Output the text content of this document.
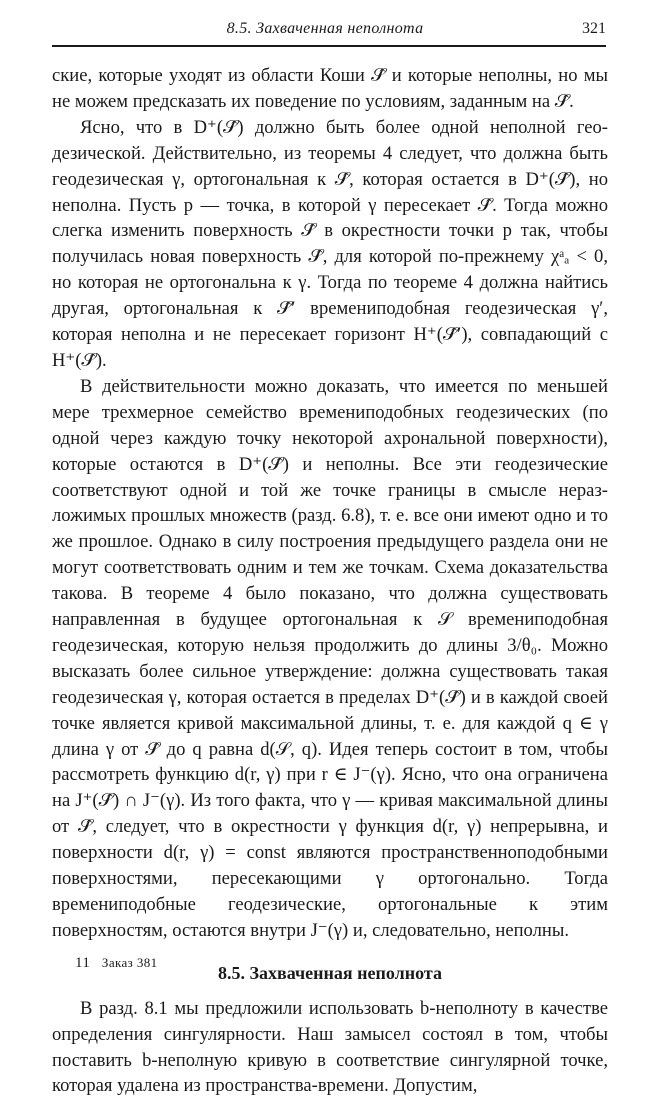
8.5. Захваченная неполнота	321

ские, которые уходят из области Коши 𝒮̂ и которые неполны, но мы не можем предсказать их поведение по условиям, заданным на 𝒮̂.

Ясно, что в D⁺(𝒮̂) должно быть более одной неполной геодезической. Действительно, из теоремы 4 следует, что должна быть геодезическая γ, ортогональная к 𝒮̂, которая остается в D⁺(𝒮̂), но неполна. Пусть p — точка, в которой γ пересекает 𝒮̂. Тогда можно слегка изменить поверхность 𝒮̂ в окрестности точки p так, чтобы получилась новая поверхность 𝒮̂, для которой по-прежнему χᵃₐ < 0, но которая не ортогональна к γ. Тогда по теореме 4 должна найтись другая, ортогональная к 𝒮̂′ времениподобная геодезическая γ′, которая неполна и не пересекает горизонт H⁺(𝒮̂′), совпадающий с H⁺(𝒮̂).

В действительности можно доказать, что имеется по меньшей мере трехмерное семейство времениподобных геодезических (по одной через каждую точку некоторой ахрональной поверхности), которые остаются в D⁺(𝒮̂) и неполны. Все эти геодезические соответствуют одной и той же точке границы в смысле неразложимых прошлых множеств (разд. 6.8), т. е. все они имеют одно и то же прошлое. Однако в силу построения предыдущего раздела они не могут соответствовать одним и тем же точкам. Схема доказательства такова. В теореме 4 было показано, что должна существовать направленная в будущее ортогональная к 𝒮 времениподобная геодезическая, которую нельзя продолжить до длины 3/θ₀. Можно высказать более сильное утверждение: должна существовать такая геодезическая γ, которая остается в пределах D⁺(𝒮̂) и в каждой своей точке является кривой максимальной длины, т. е. для каждой q ∈ γ длина γ от 𝒮̂ до q равна d(𝒮, q). Идея теперь состоит в том, чтобы рассмотреть функцию d(r, γ) при r ∈ J⁻(γ). Ясно, что она ограничена на J⁺(𝒮̂) ∩ J⁻(γ). Из того факта, что γ — кривая максимальной длины от 𝒮̂, следует, что в окрестности γ функция d(r, γ) непрерывна, и поверхности d(r, γ) = const являются пространственноподобными поверхностями, пересекающими γ ортогонально. Тогда времениподобные геодезические, ортогональные к этим поверхностям, остаются внутри J⁻(γ) и, следовательно, неполны.

8.5. Захваченная неполнота

В разд. 8.1 мы предложили использовать b-неполноту в качестве определения сингулярности. Наш замысел состоял в том, чтобы поставить b-неполную кривую в соответствие сингулярной точке, которая удалена из пространства-времени. Допустим,

11 Заказ 381
